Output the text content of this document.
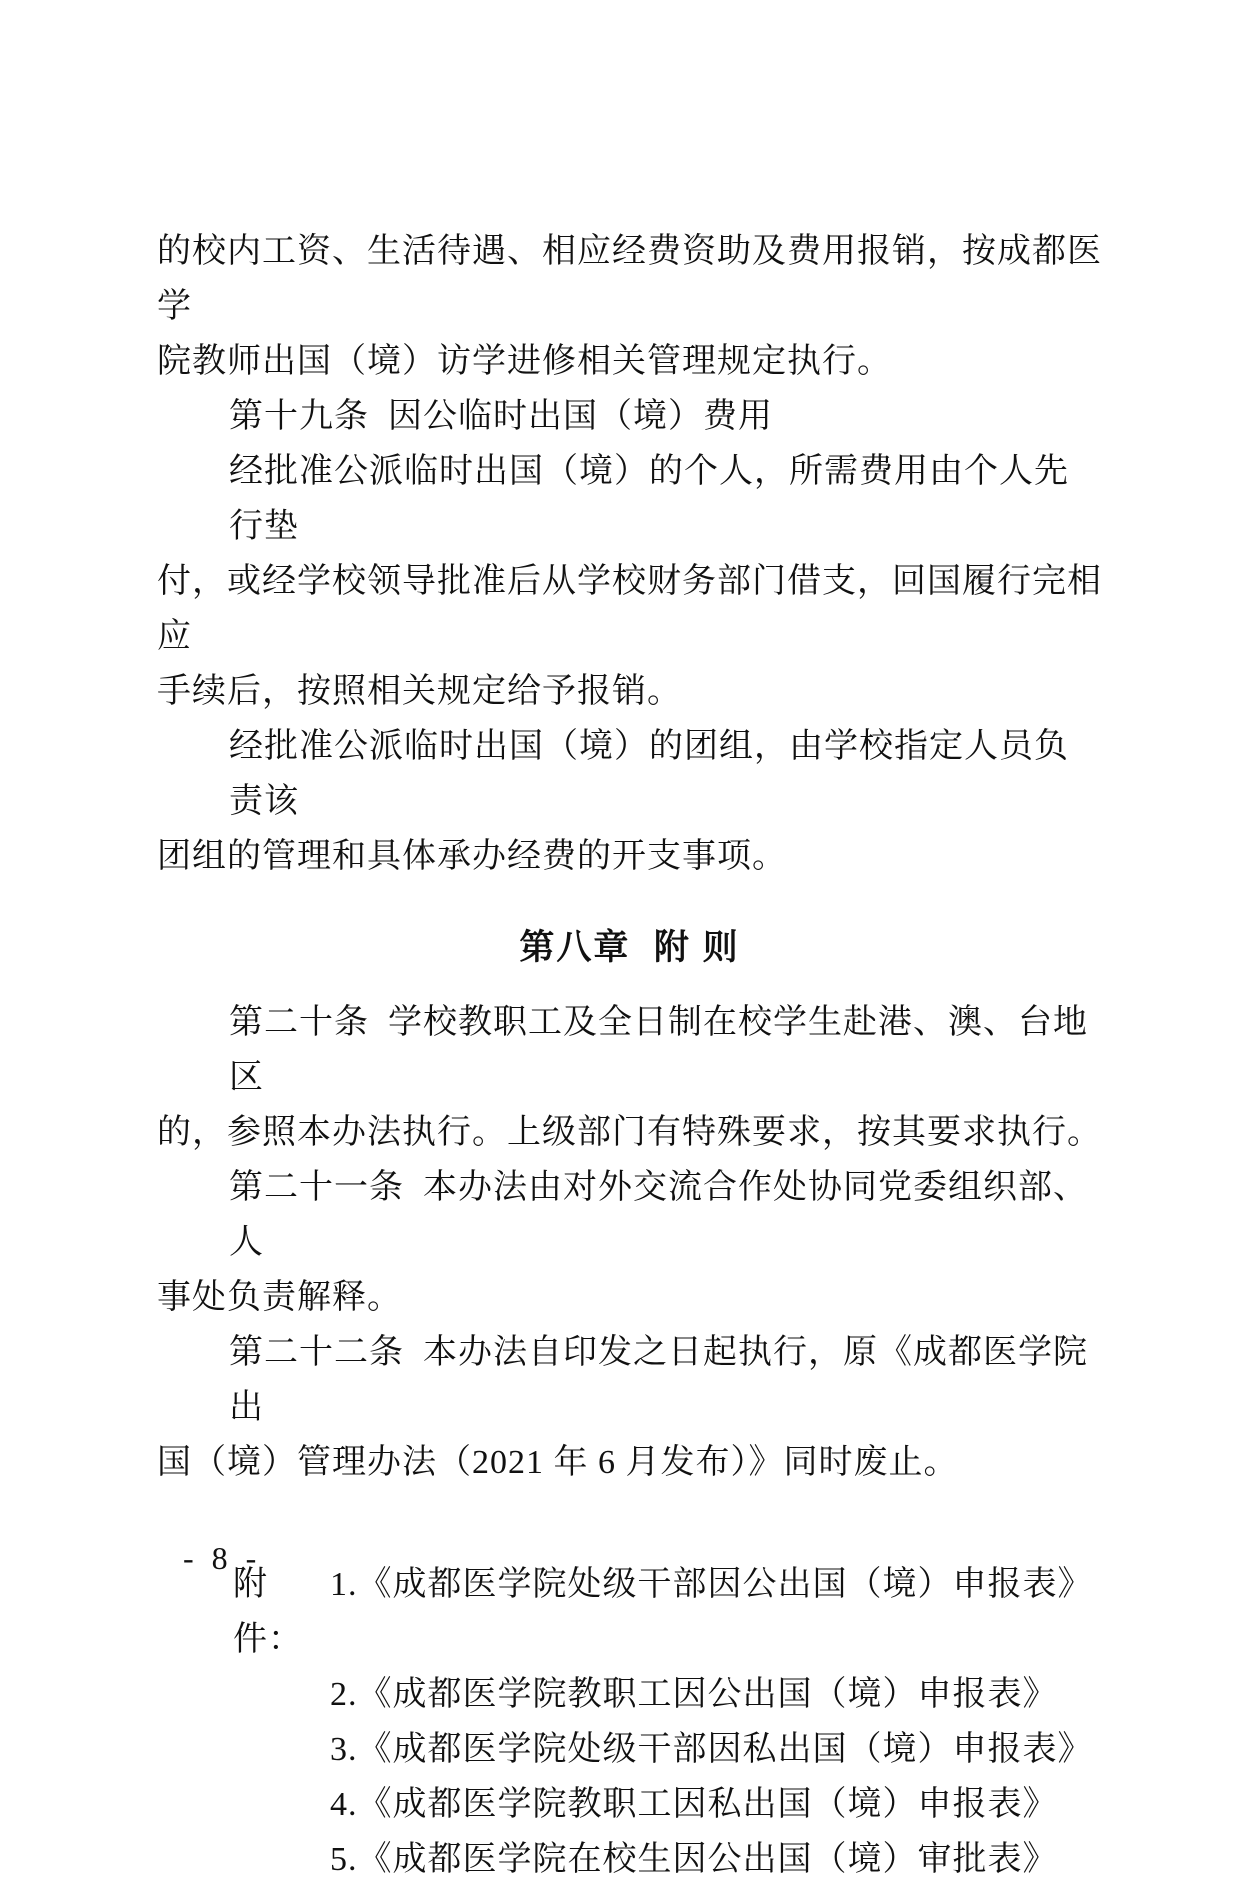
的校内工资、生活待遇、相应经费资助及费用报销，按成都医学
院教师出国（境）访学进修相关管理规定执行。
第十九条  因公临时出国（境）费用
经批准公派临时出国（境）的个人，所需费用由个人先行垫
付，或经学校领导批准后从学校财务部门借支，回国履行完相应
手续后，按照相关规定给予报销。
经批准公派临时出国（境）的团组，由学校指定人员负责该
团组的管理和具体承办经费的开支事项。
第八章  附 则
第二十条  学校教职工及全日制在校学生赴港、澳、台地区
的，参照本办法执行。上级部门有特殊要求，按其要求执行。
第二十一条  本办法由对外交流合作处协同党委组织部、人
事处负责解释。
第二十二条  本办法自印发之日起执行，原《成都医学院出
国（境）管理办法（2021 年 6 月发布）》同时废止。
附件：
1.《成都医学院处级干部因公出国（境）申报表》
2.《成都医学院教职工因公出国（境）申报表》
3.《成都医学院处级干部因私出国（境）申报表》
4.《成都医学院教职工因私出国（境）申报表》
5.《成都医学院在校生因公出国（境）审批表》
- 8 -
